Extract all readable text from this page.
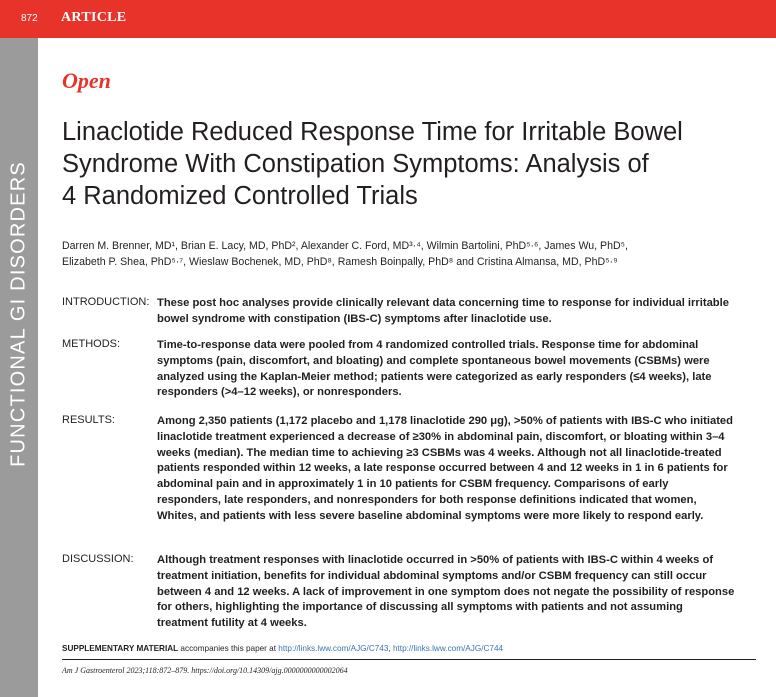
872 ARTICLE
FUNCTIONAL GI DISORDERS
Open
Linaclotide Reduced Response Time for Irritable Bowel
Syndrome With Constipation Symptoms: Analysis of
4 Randomized Controlled Trials
Darren M. Brenner, MD¹, Brian E. Lacy, MD, PhD², Alexander C. Ford, MD³·⁴, Wilmin Bartolini, PhD⁵·⁶, James Wu, PhD⁵,
Elizabeth P. Shea, PhD⁵·⁷, Wieslaw Bochenek, MD, PhD⁸, Ramesh Boinpally, PhD⁸ and Cristina Almansa, MD, PhD⁵·⁹
INTRODUCTION: These post hoc analyses provide clinically relevant data concerning time to response for individual irritable bowel syndrome with constipation (IBS-C) symptoms after linaclotide use.
METHODS:	Time-to-response data were pooled from 4 randomized controlled trials. Response time for abdominal symptoms (pain, discomfort, and bloating) and complete spontaneous bowel movements (CSBMs) were analyzed using the Kaplan-Meier method; patients were categorized as early responders (≤4 weeks), late responders (>4–12 weeks), or nonresponders.
RESULTS:	Among 2,350 patients (1,172 placebo and 1,178 linaclotide 290 μg), >50% of patients with IBS-C who initiated linaclotide treatment experienced a decrease of ≥30% in abdominal pain, discomfort, or bloating within 3–4 weeks (median). The median time to achieving ≥3 CSBMs was 4 weeks. Although not all linaclotide-treated patients responded within 12 weeks, a late response occurred between 4 and 12 weeks in 1 in 6 patients for abdominal pain and in approximately 1 in 10 patients for CSBM frequency. Comparisons of early responders, late responders, and nonresponders for both response definitions indicated that women, Whites, and patients with less severe baseline abdominal symptoms were more likely to respond early.
DISCUSSION: Although treatment responses with linaclotide occurred in >50% of patients with IBS-C within 4 weeks of treatment initiation, benefits for individual abdominal symptoms and/or CSBM frequency can still occur between 4 and 12 weeks. A lack of improvement in one symptom does not negate the possibility of response for others, highlighting the importance of discussing all symptoms with patients and not assuming treatment futility at 4 weeks.
SUPPLEMENTARY MATERIAL accompanies this paper at http://links.lww.com/AJG/C743, http://links.lww.com/AJG/C744
Am J Gastroenterol 2023;118:872–879. https://doi.org/10.14309/ajg.0000000000002064
